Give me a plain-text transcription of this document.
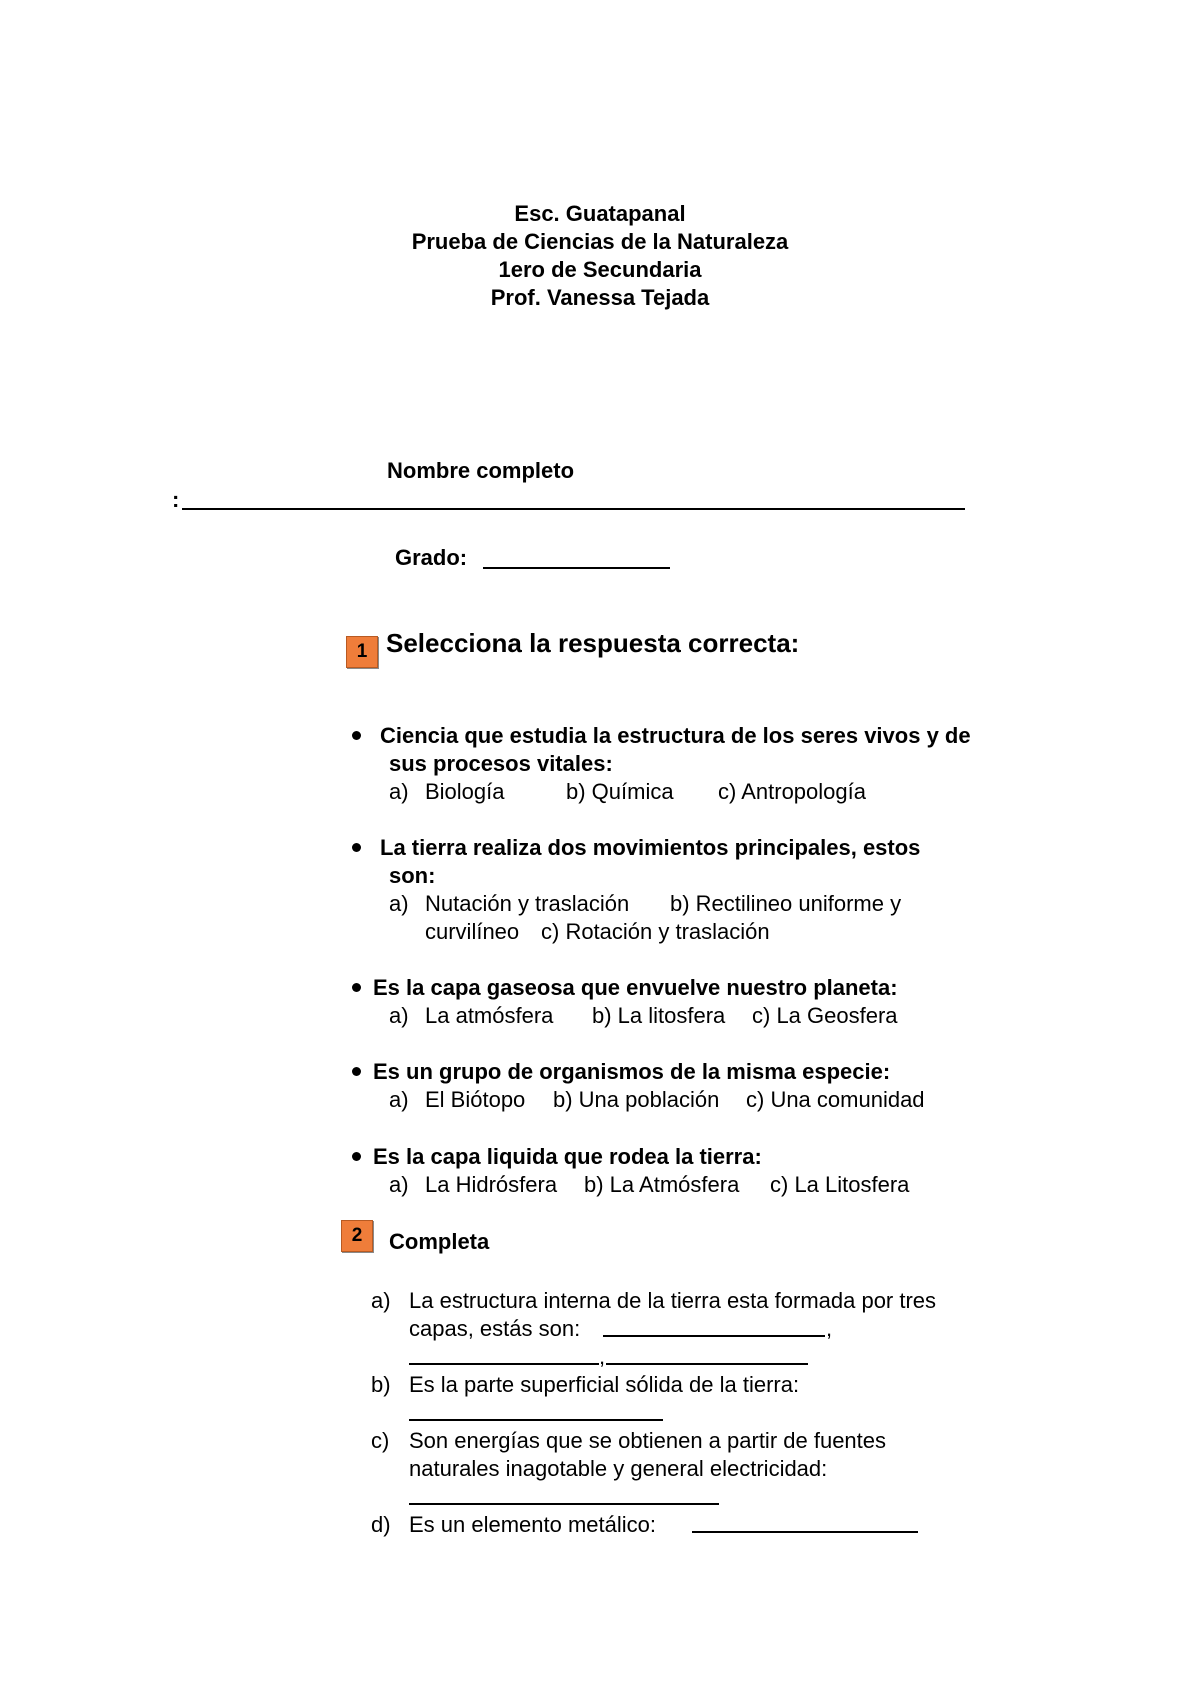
Esc. Guatapanal
Prueba de Ciencias de la Naturaleza
1ero de Secundaria
Prof. Vanessa Tejada
Nombre completo
:
Grado:
1 Selecciona la respuesta correcta:
Ciencia que estudia la estructura de los seres vivos y de
sus procesos vitales:
a) Biología	b) Química c) Antropología
La tierra realiza dos movimientos principales, estos
son:
a) Nutación y traslación b) Rectilineo uniforme y
curvilíneo c) Rotación y traslación
Es la capa gaseosa que envuelve nuestro planeta:
a) La atmósfera b) La litosfera c) La Geosfera
Es un grupo de organismos de la misma especie:
a) El Biótopo b) Una población c) Una comunidad
Es la capa liquida que rodea la tierra:
a) La Hidrósfera b) La Atmósfera c) La Litosfera
2	Completa
a) La estructura interna de la tierra esta formada por tres
capas, estás son:	,
,
b) Es la parte superficial sólida de la tierra:
c) Son energías que se obtienen a partir de fuentes
naturales inagotable y general electricidad:
d) Es un elemento metálico:
